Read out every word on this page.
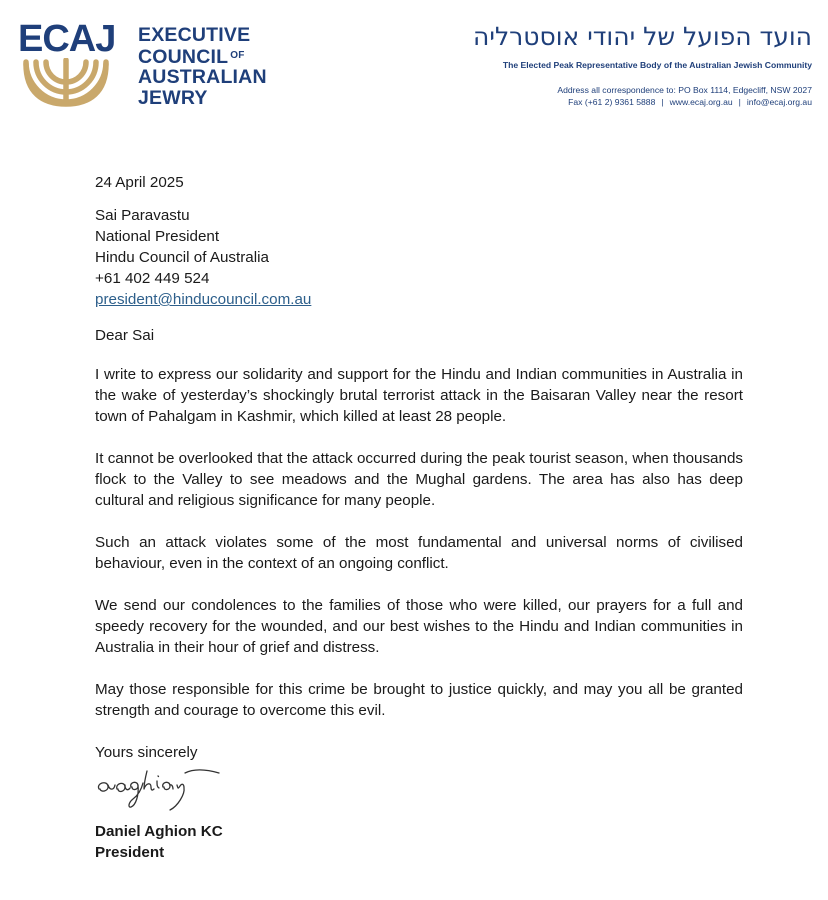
ECAJ EXECUTIVE
COUNCIL $^{OF}$
AUSTRALIAN
JEWRY
הועד הפועל של יהודי אוסטרליה
The Elected Peak Representative Body of the Australian Jewish Community
Address all correspondence to: PO Box 1114, Edgecliff, NSW 2027
Fax (+61 2) 9361 5888 | www.ecaj.org.au | info@ecaj.org.au
24 April 2025
Sai Paravastu
National President
Hindu Council of Australia
+61 402 449 524
president@hinducouncil.com.au
Dear Sai

I write to express our solidarity and support for the Hindu and Indian communities in Australia in the wake of yesterday’s shockingly brutal terrorist attack in the Baisaran Valley near the resort town of Pahalgam in Kashmir, which killed at least 28 people.

It cannot be overlooked that the attack occurred during the peak tourist season, when thousands flock to the Valley to see meadows and the Mughal gardens. The area has also has deep cultural and religious significance for many people.

Such an attack violates some of the most fundamental and universal norms of civilised behaviour, even in the context of an ongoing conflict.

We send our condolences to the families of those who were killed, our prayers for a full and speedy recovery for the wounded, and our best wishes to the Hindu and Indian communities in Australia in their hour of grief and distress.

May those responsible for this crime be brought to justice quickly, and may you all be granted strength and courage to overcome this evil.

Yours sincerely
Daniel Aghion KC
President
